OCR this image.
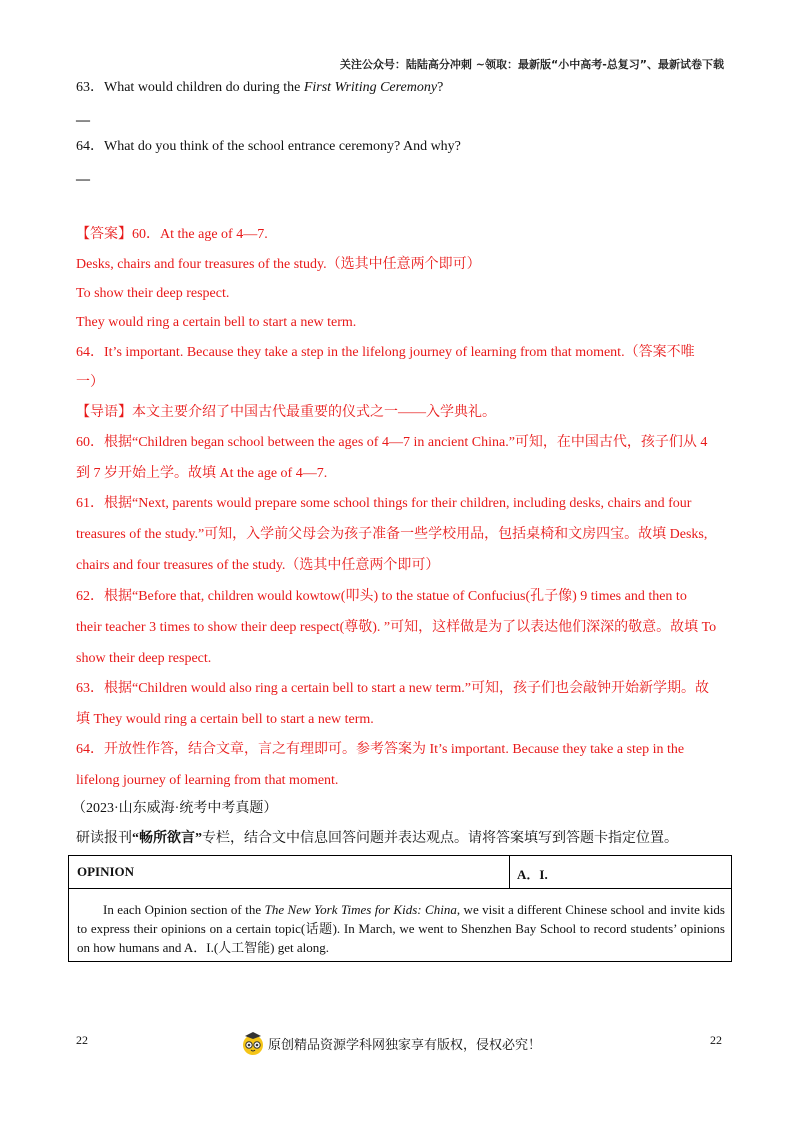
关注公众号：陆陆高分冲刺 ~领取：最新版“小中高考-总复习”、最新试卷下载
63．What would children do during the First Writing Ceremony?
—
64．What do you think of the school entrance ceremony? And why?
—
【答案】60．At the age of 4—7.
Desks, chairs and four treasures of the study.（选其中任意两个即可）
To show their deep respect.
They would ring a certain bell to start a new term.
64．It’s important. Because they take a step in the lifelong journey of learning from that moment.（答案不唯
一）
【导语】本文主要介绍了中国古代最重要的仪式之一——入学典礼。
60．根据“Children began school between the ages of 4—7 in ancient China.”可知，在中国古代，孩子们从 4
到 7 岁开始上学。故填 At the age of 4—7.
61．根据“Next, parents would prepare some school things for their children, including desks, chairs and four
treasures of the study.”可知，入学前父母会为孩子准备一些学校用品，包括桌椅和文房四宝。故填 Desks,
chairs and four treasures of the study.（选其中任意两个即可）
62．根据“Before that, children would kowtow(叩头) to the statue of Confucius(孔子像) 9 times and then to
their teacher 3 times to show their deep respect(尊敬). ”可知，这样做是为了以表达他们深深的敬意。故填 To
show their deep respect.
63．根据“Children would also ring a certain bell to start a new term.”可知，孩子们也会敲钟开始新学期。故
填 They would ring a certain bell to start a new term.
64．开放性作答，结合文章，言之有理即可。参考答案为 It’s important. Because they take a step in the
lifelong journey of learning from that moment.
（2023·山东威海·统考中考真题）
研读报刊“畅所欲言”专栏，结合文中信息回答问题并表达观点。请将答案填写到答题卡指定位置。
OPINION	A．I.
In each Opinion section of the The New York Times for Kids: China, we visit a different Chinese school and invite kids to express their opinions on a certain topic(话题). In March, we went to Shenzhen Bay School to record students’ opinions on how humans and A．I.(人工智能) get along.
22	22
原创精品资源学科网独家享有版权，侵权必究！
